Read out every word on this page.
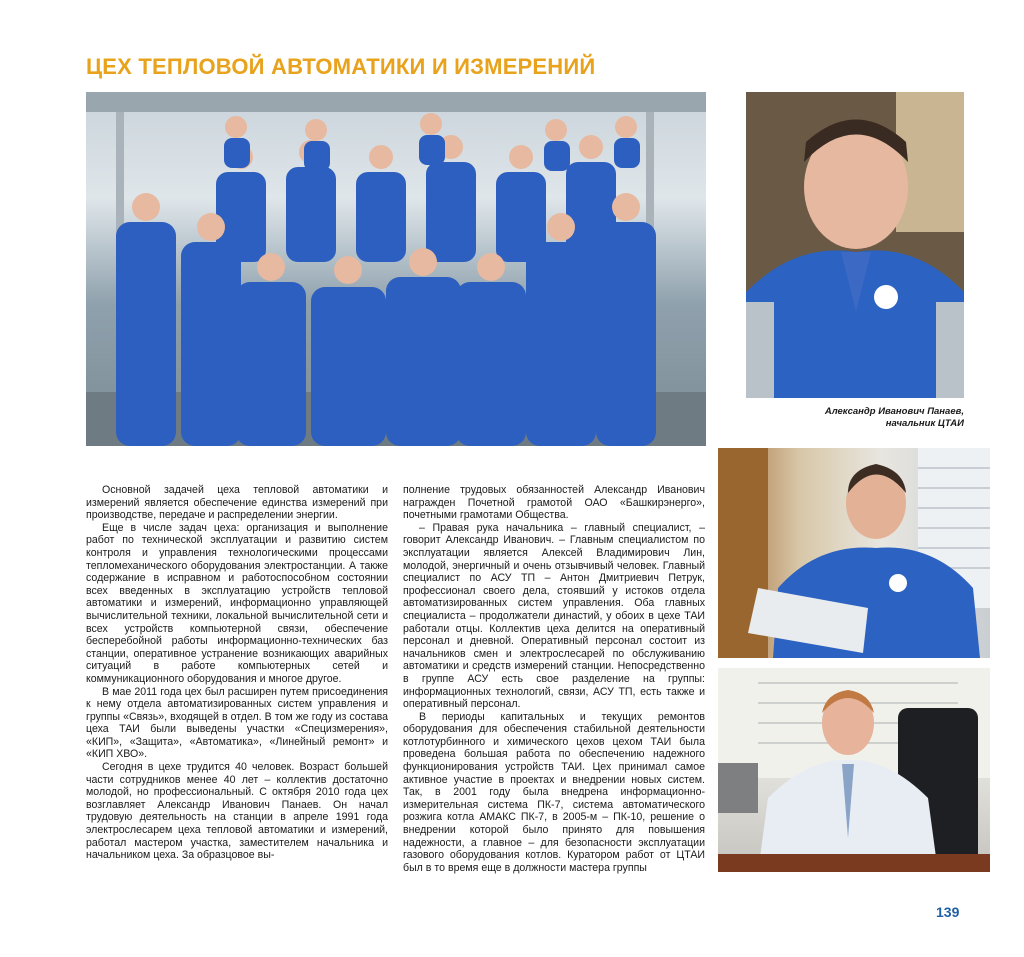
ЦЕХ ТЕПЛОВОЙ АВТОМАТИКИ И ИЗМЕРЕНИЙ
Александр Иванович Панаев,
начальник ЦТАИ

Основной задачей цеха тепловой автоматики и измерений является обеспечение единства измерений при производстве, передаче и распределении энергии.

Еще в числе задач цеха: организация и выполнение работ по технической эксплуатации и развитию систем контроля и управления технологическими процессами тепломеханического оборудования электростанции. А также содержание в исправном и работоспособном состоянии всех введенных в эксплуатацию устройств тепловой автоматики и измерений, информационно управляющей вычислительной техники, локальной вычислительной сети и всех устройств компьютерной связи, обеспечение бесперебойной работы информационно-технических баз станции, оперативное устранение возникающих аварийных ситуаций в работе компьютерных сетей и коммуникационного оборудования и многое другое.

В мае 2011 года цех был расширен путем присоединения к нему отдела автоматизированных систем управления и группы «Связь», входящей в отдел. В том же году из состава цеха ТАИ были выведены участки «Специзмерения», «КИП», «Защита», «Автоматика», «Линейный ремонт» и «КИП ХВО».

Сегодня в цехе трудится 40 человек. Возраст большей части сотрудников менее 40 лет – коллектив достаточно молодой, но профессиональный. С октября 2010 года цех возглавляет Александр Иванович Панаев. Он начал трудовую деятельность на станции в апреле 1991 года электрослесарем цеха тепловой автоматики и измерений, работал мастером участка, заместителем начальника и начальником цеха. За образцовое вы-

полнение трудовых обязанностей Александр Иванович награжден Почетной грамотой ОАО «Башкирэнерго», почетными грамотами Общества.

– Правая рука начальника – главный специалист, – говорит Александр Иванович. – Главным специалистом по эксплуатации является Алексей Владимирович Лин, молодой, энергичный и очень отзывчивый человек. Главный специалист по АСУ ТП – Антон Дмитриевич Петрук, профессионал своего дела, стоявший у истоков отдела автоматизированных систем управления. Оба главных специалиста – продолжатели династий, у обоих в цехе ТАИ работали отцы. Коллектив цеха делится на оперативный персонал и дневной. Оперативный персонал состоит из начальников смен и электрослесарей по обслуживанию автоматики и средств измерений станции. Непосредственно в группе АСУ есть свое разделение на группы: информационных технологий, связи, АСУ ТП, есть также и оперативный персонал.

В периоды капитальных и текущих ремонтов оборудования для обеспечения стабильной деятельности котлотурбинного и химического цехов цехом ТАИ была проведена большая работа по обеспечению надежного функционирования устройств ТАИ. Цех принимал самое активное участие в проектах и внедрении новых систем. Так, в 2001 году была внедрена информационно-измерительная система ПК-7, система автоматического розжига котла АМАКС ПК-7, в 2005-м – ПК-10, решение о внедрении которой было принято для повышения надежности, а главное – для безопасности эксплуатации газового оборудования котлов. Куратором работ от ЦТАИ был в то время еще в должности мастера группы

139
